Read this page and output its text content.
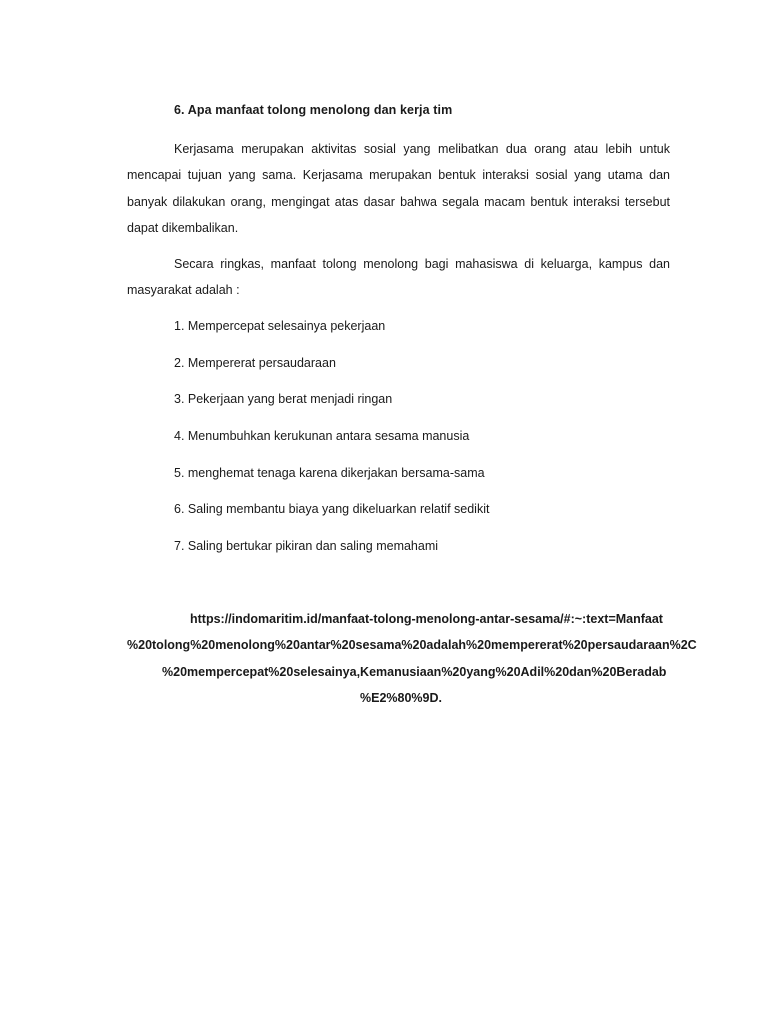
6. Apa manfaat tolong menolong dan kerja tim

Kerjasama merupakan aktivitas sosial yang melibatkan dua orang atau lebih untuk mencapai tujuan yang sama. Kerjasama merupakan bentuk interaksi sosial yang utama dan banyak dilakukan orang, mengingat atas dasar bahwa segala macam bentuk interaksi tersebut dapat dikembalikan.

Secara ringkas, manfaat tolong menolong bagi mahasiswa di keluarga, kampus dan masyarakat adalah :

1. Mempercepat selesainya pekerjaan
2. Mempererat persaudaraan
3. Pekerjaan yang berat menjadi ringan
4. Menumbuhkan kerukunan antara sesama manusia
5. menghemat tenaga karena dikerjakan bersama-sama
6. Saling membantu biaya yang dikeluarkan relatif sedikit
7. Saling bertukar pikiran dan saling memahami
https://indomaritim.id/manfaat-tolong-menolong-antar-sesama/#:~:text=Manfaat
%20tolong%20menolong%20antar%20sesama%20adalah%20mempererat%20persaudaraan%2C
%20mempercepat%20selesainya,Kemanusiaan%20yang%20Adil%20dan%20Beradab
%E2%80%9D.
